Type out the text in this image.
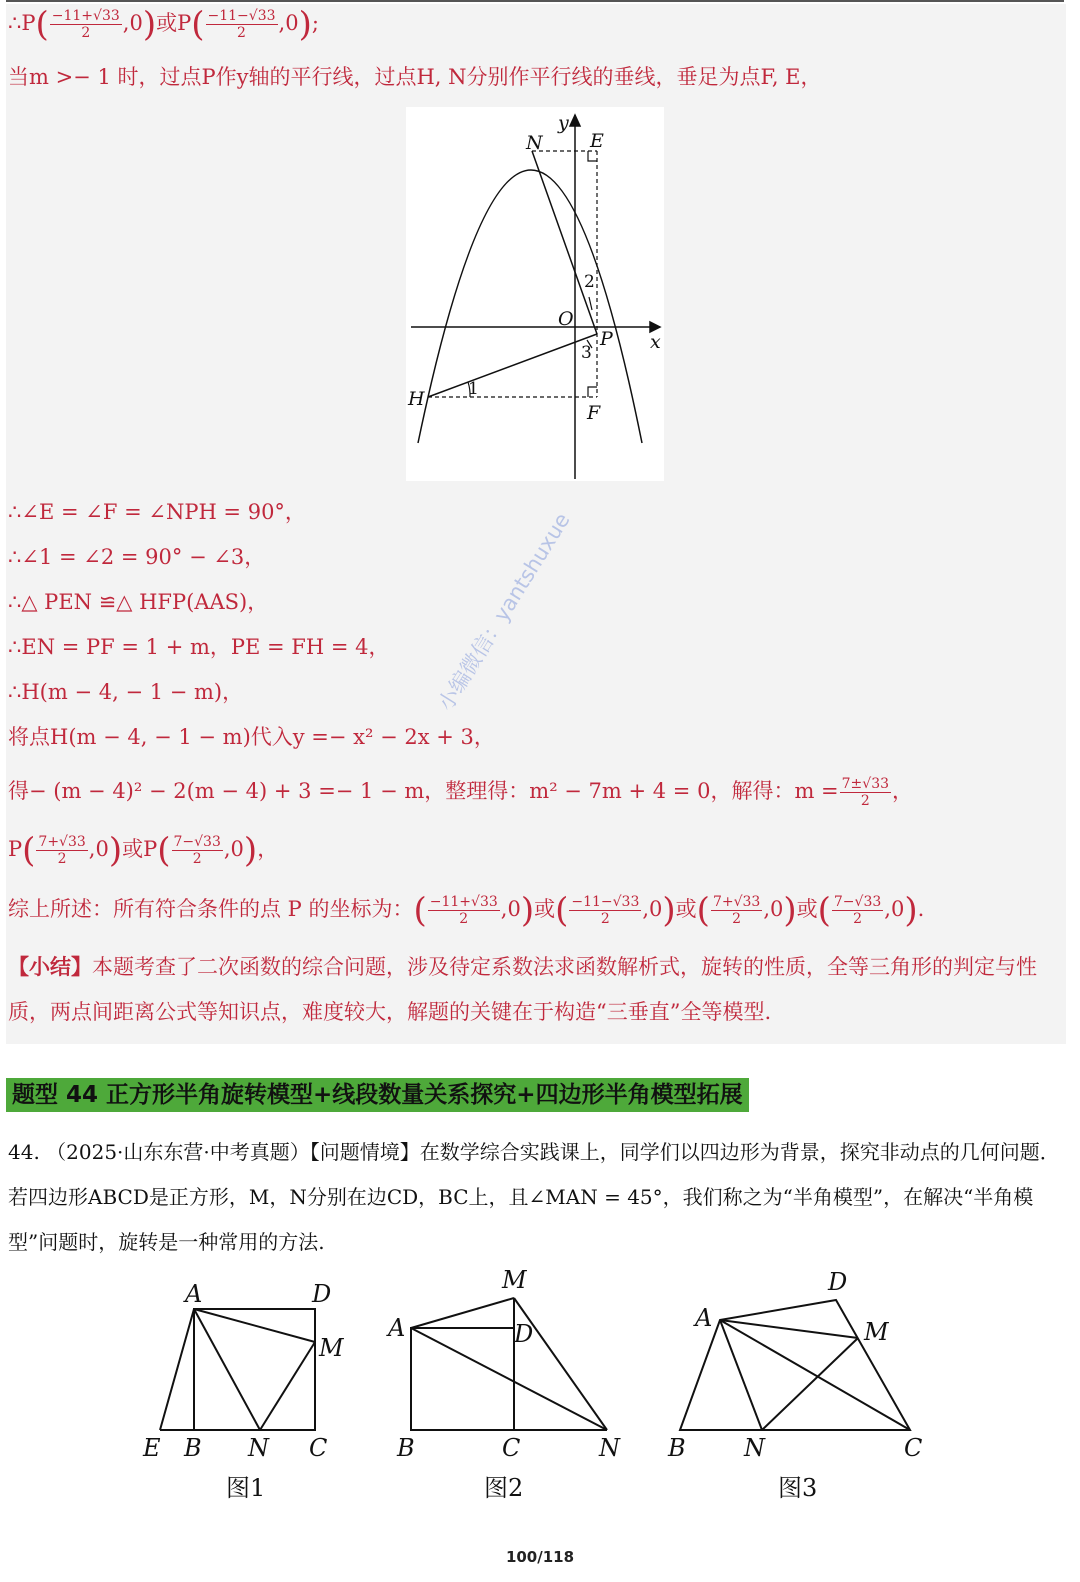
∴P( $\frac{-11+√33}{2} ,0$)或$P( \frac{-11-√33}{2} ,0)$;
当m >− 1 时，过点P作y轴的平行线，过点H, N分别作平行线的垂线，垂足为点F, E，
y
x
N E
O
P
H
F
1
2
3
∴∠E = ∠F = ∠NPH = 90°，
∴∠1 = ∠2 = 90° − ∠3，
∴△ PEN ≌△ HFP(AAS)，
∴EN = PF = 1 + m，PE = FH = 4，
∴H(m − 4, − 1 − m)，
将点H(m − 4, − 1 − m)代入y =− x² − 2x + 3，
得− (m − 4)² − 2(m − 4) + 3 =− 1 − m，整理得：m² − 7m + 4 = 0，解得：$m = \frac{7\pm√33}{2}$ ，
$P( \frac{7+√33}{2} ,0)$或$P( \frac{7-√33}{2} ,0)$，
综上所述：所有符合条件的点 P 的坐标为：( $\frac{-11+√33}{2} ,0$)或( $\frac{-11-√33}{2} ,0$)或( $\frac{7+√33}{2} ,0$)或( $\frac{7-√33}{2} ,0$).
【小结】本题考查了二次函数的综合问题，涉及待定系数法求函数解析式，旋转的性质，全等三角形的判定与性质，两点间距离公式等知识点，难度较大，解题的关键在于构造“三垂直”全等模型.
小编微信：yantshuxue
题型 44 正方形半角旋转模型+线段数量关系探究+四边形半角模型拓展
44. （2025·山东东营·中考真题）【问题情境】在数学综合实践课上，同学们以四边形为背景，探究非动点的几何问题．若四边形ABCD是正方形，M，N分别在边CD，BC上，且∠MAN = 45°，我们称之为“半角模型”，在解决“半角模型”问题时，旋转是一种常用的方法.
A	D
M
E B N C
M
A	D
B	C	N
D
A	M
B N	C
图1	图2	图3
100/118
